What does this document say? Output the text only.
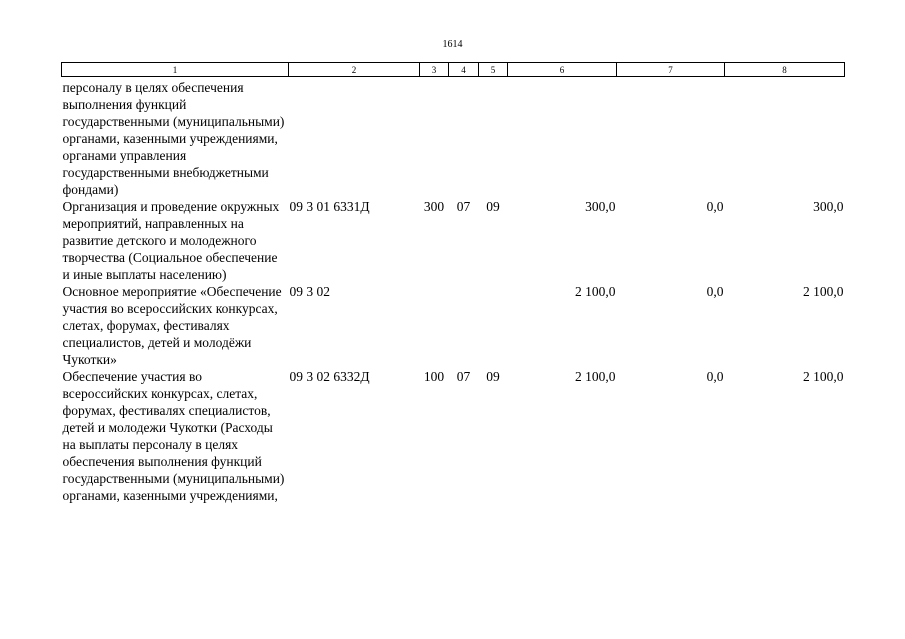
1614
1	2	3	4	5	6	7	8
персоналу в целях обеспечения выполнения функций государственными (муниципальными) органами, казенными учреждениями, органами управления государственными внебюджетными фондами)							
Организация и проведение окружных мероприятий, направленных на развитие детского и молодежного творчества (Социальное обеспечение и иные выплаты населению)	09 3 01 6331Д	300	07	09	300,0	0,0	300,0
Основное мероприятие «Обеспечение участия во всероссийских конкурсах, слетах, форумах, фестивалях специалистов, детей и молодёжи Чукотки»	09 3 02				2 100,0	0,0	2 100,0
Обеспечение участия во всероссийских конкурсах, слетах, форумах, фестивалях специалистов, детей и молодежи Чукотки (Расходы на выплаты персоналу в целях обеспечения выполнения функций государственными (муниципальными) органами, казенными учреждениями,	09 3 02 6332Д	100	07	09	2 100,0	0,0	2 100,0
